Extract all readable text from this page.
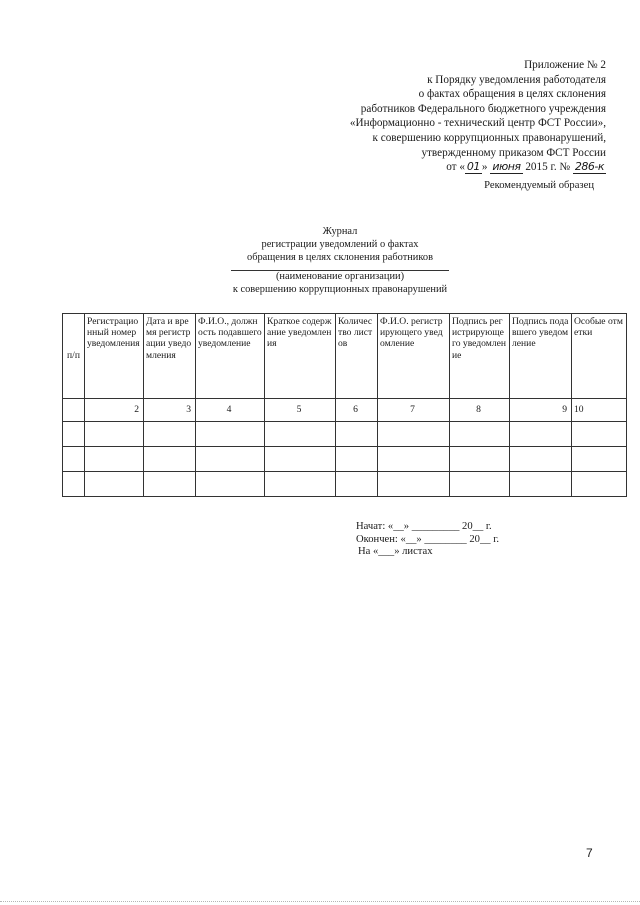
Приложение № 2
к Порядку уведомления работодателя
о фактах обращения в целях склонения
работников Федерального бюджетного учреждения
«Информационно - технический центр ФСТ России»,
к совершению коррупционных правонарушений,
утвержденному приказом ФСТ России
от « 01 » июня 2015 г. № 286-к
Рекомендуемый образец
Журнал
регистрации уведомлений о фактах
обращения в целях склонения работников
(наименование организации)
к совершению коррупционных правонарушений
п/п	Регистрационный номер уведомления	Дата и время регистрации уведомления	Ф.И.О., должность подавшего уведомление	Краткое содержание уведомления	Количество листов	Ф.И.О. регистрирующего уведомление	Подпись регистрирующего уведомление	Подпись подавшего уведомление	Особые отметки
	2	3	4	5	6	7	8	9	10

Начат: «__» _________ 20__ г.
Окончен: «__» ________ 20__ г.
На «___» листах
7
